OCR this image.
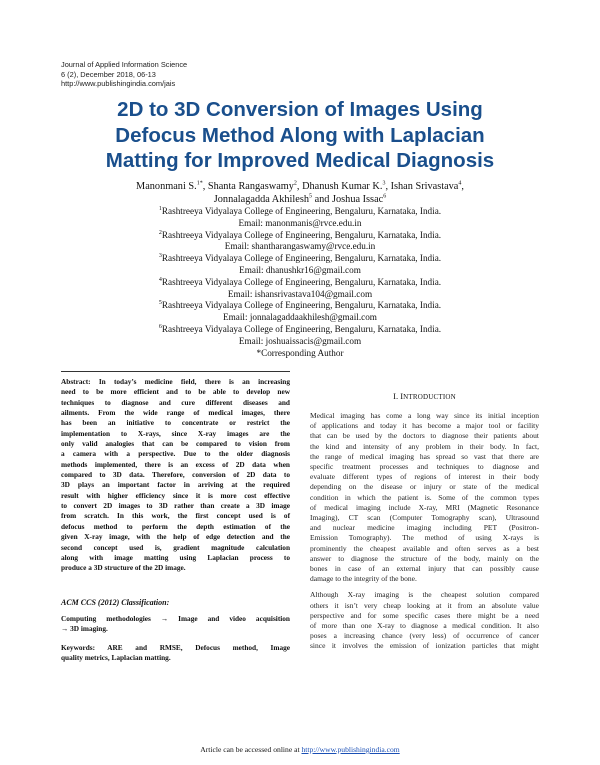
Journal of Applied Information Science
6 (2), December 2018, 06-13
http://www.publishingindia.com/jais
2D to 3D Conversion of Images Using
Defocus Method Along with Laplacian
Matting for Improved Medical Diagnosis
Manonmani S.$^{1*}$, Shanta Rangaswamy$^2$, Dhanush Kumar K.$^3$, Ishan Srivastava$^4$,
Jonnalagadda Akhilesh$^5$ and Joshua Issac$^6$
$^1$Rashtreeya Vidyalaya College of Engineering, Bengaluru, Karnataka, India.
Email: manonmanis@rvce.edu.in
$^2$Rashtreeya Vidyalaya College of Engineering, Bengaluru, Karnataka, India.
Email: shantharangaswamy@rvce.edu.in
$^3$Rashtreeya Vidyalaya College of Engineering, Bengaluru, Karnataka, India.
Email: dhanushkr16@gmail.com
$^4$Rashtreeya Vidyalaya College of Engineering, Bengaluru, Karnataka, India.
Email: ishansrivastava104@gmail.com
$^5$Rashtreeya Vidyalaya College of Engineering, Bengaluru, Karnataka, India.
Email: jonnalagaddaakhilesh@gmail.com
$^6$Rashtreeya Vidyalaya College of Engineering, Bengaluru, Karnataka, India.
Email: joshuaissacis@gmail.com
*Corresponding Author
Abstract: In today’s medicine field, there is an increasing
need to be more efficient and to be able to develop new
techniques to diagnose and cure different diseases and
ailments. From the wide range of medical images, there
has been an initiative to concentrate or restrict the
implementation to X-rays, since X-ray images are the
only valid analogies that can be compared to vision from
a camera with a perspective. Due to the older diagnosis
methods implemented, there is an excess of 2D data when
compared to 3D data. Therefore, conversion of 2D data to
3D plays an important factor in arriving at the required
result with higher efficiency since it is more cost effective
to convert 2D images to 3D rather than create a 3D image
from scratch. In this work, the first concept used is of
defocus method to perform the depth estimation of the
given X-ray image, with the help of edge detection and the
second concept used is, gradient magnitude calculation
along with image matting using Laplacian process to
produce a 3D structure of the 2D image.
ACM CCS (2012) Classification:
Computing methodologies → Image and video acquisition
→ 3D imaging.
Keywords: ARE and RMSE, Defocus method, Image
quality metrics, Laplacian matting.
I. INTRODUCTION
Medical imaging has come a long way since its initial inception
of applications and today it has become a major tool or facility
that can be used by the doctors to diagnose their patients about
the kind and intensity of any problem in their body. In fact,
the range of medical imaging has spread so vast that there are
specific treatment processes and techniques to diagnose and
evaluate different types of regions of interest in their body
depending on the disease or injury or state of the medical
condition in which the patient is. Some of the common types
of medical imaging include X-ray, MRI (Magnetic Resonance
Imaging), CT scan (Computer Tomography scan), Ultrasound
and nuclear medicine imaging including PET (Positron-
Emission Tomography). The method of using X-rays is
prominently the cheapest available and often serves as a best
answer to diagnose the structure of the body, mainly on the
bones in case of an external injury that can possibly cause
damage to the integrity of the bone.
Although X-ray imaging is the cheapest solution compared
others it isn’t very cheap looking at it from an absolute value
perspective and for some specific cases there might be a need
of more than one X-ray to diagnose a medical condition. It also
poses a increasing chance (very less) of occurrence of cancer
since it involves the emission of ionization particles that might
Article can be accessed online at http://www.publishingindia.com
